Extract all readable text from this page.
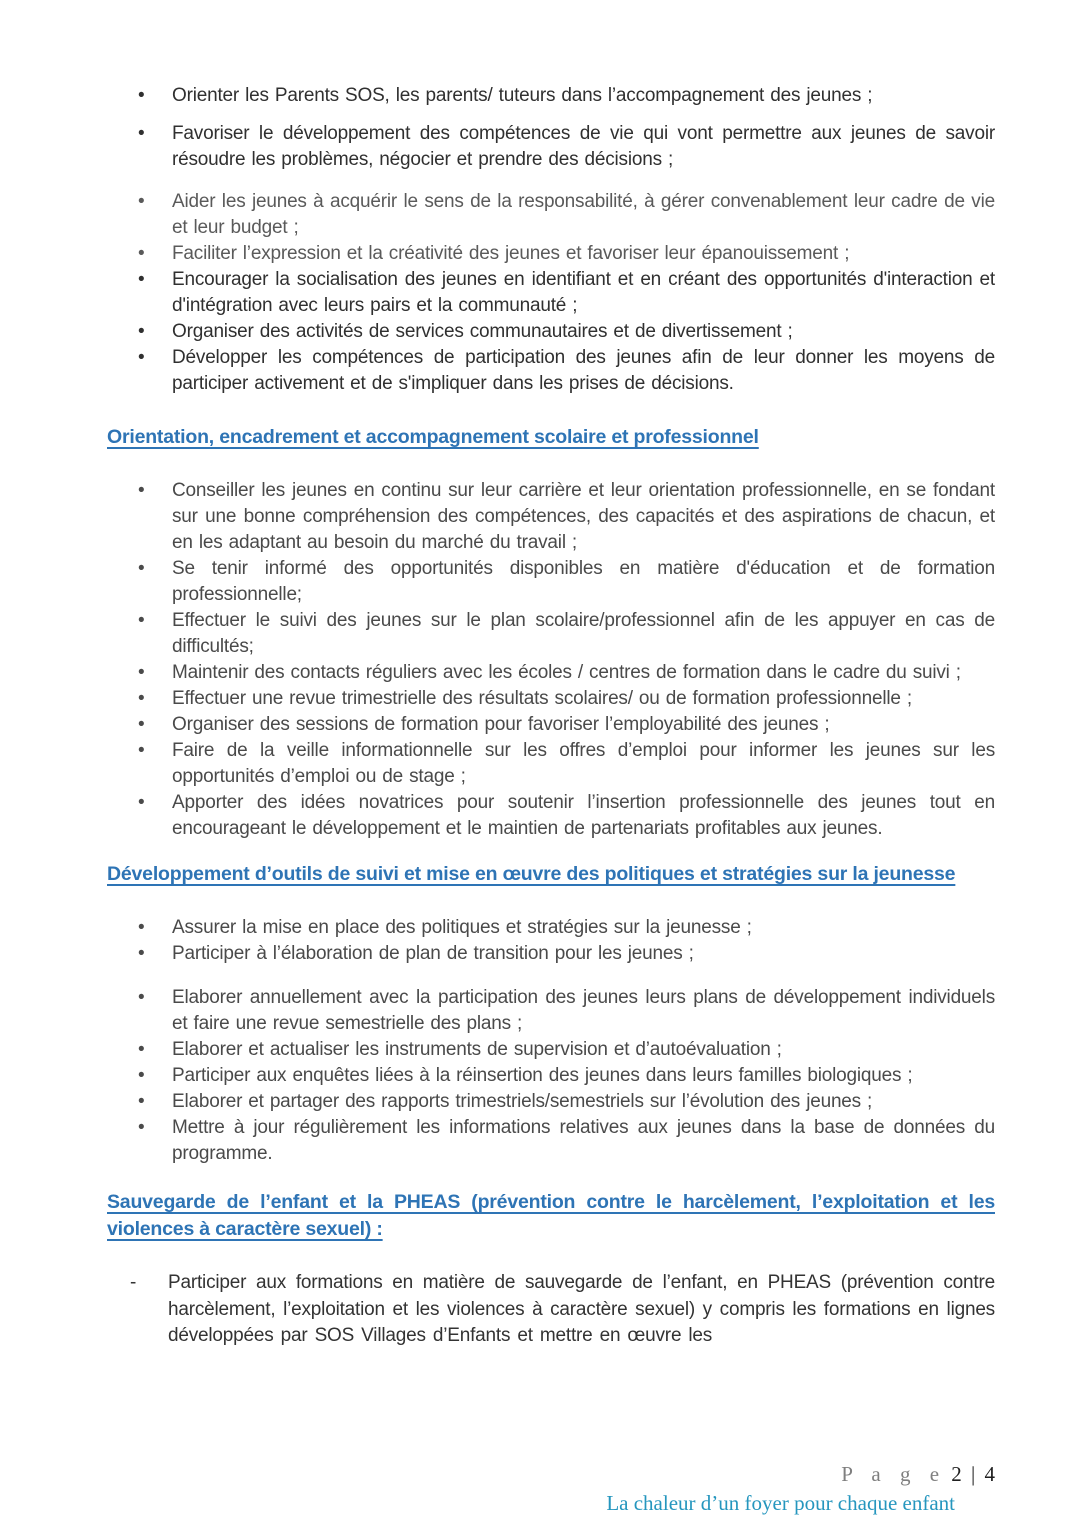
• Orienter les Parents SOS, les parents/ tuteurs dans l’accompagnement des jeunes ;
• Favoriser le développement des compétences de vie qui vont permettre aux jeunes de savoir résoudre les problèmes, négocier et prendre des décisions ;
• Aider les jeunes à acquérir le sens de la responsabilité, à gérer convenablement leur cadre de vie et leur budget ;
• Faciliter l’expression et la créativité des jeunes et favoriser leur épanouissement ;
• Encourager la socialisation des jeunes en identifiant et en créant des opportunités d'interaction et d'intégration avec leurs pairs et la communauté ;
• Organiser des activités de services communautaires et de divertissement ;
• Développer les compétences de participation des jeunes afin de leur donner les moyens de participer activement et de s'impliquer dans les prises de décisions.
Orientation, encadrement et accompagnement scolaire et professionnel
• Conseiller les jeunes en continu sur leur carrière et leur orientation professionnelle, en se fondant sur une bonne compréhension des compétences, des capacités et des aspirations de chacun, et en les adaptant au besoin du marché du travail ;
• Se tenir informé des opportunités disponibles en matière d'éducation et de formation professionnelle;
• Effectuer le suivi des jeunes sur le plan scolaire/professionnel afin de les appuyer en cas de difficultés;
• Maintenir des contacts réguliers avec les écoles / centres de formation dans le cadre du suivi ;
• Effectuer une revue trimestrielle des résultats scolaires/ ou de formation professionnelle ;
• Organiser des sessions de formation pour favoriser l’employabilité des jeunes ;
• Faire de la veille informationnelle sur les offres d’emploi pour informer les jeunes sur les opportunités d’emploi ou de stage ;
• Apporter des idées novatrices pour soutenir l’insertion professionnelle des jeunes tout en encourageant le développement et le maintien de partenariats profitables aux jeunes.
Développement d’outils de suivi et mise en œuvre des politiques et stratégies sur la jeunesse
• Assurer la mise en place des politiques et stratégies sur la jeunesse ;
• Participer à l’élaboration de plan de transition pour les jeunes ;
• Elaborer annuellement avec la participation des jeunes leurs plans de développement individuels et faire une revue semestrielle des plans ;
• Elaborer et actualiser les instruments de supervision et d’autoévaluation ;
• Participer aux enquêtes liées à la réinsertion des jeunes dans leurs familles biologiques ;
• Elaborer et partager des rapports trimestriels/semestriels sur l’évolution des jeunes ;
• Mettre à jour régulièrement les informations relatives aux jeunes dans la base de données du programme.
Sauvegarde de l’enfant et la PHEAS (prévention contre le harcèlement, l’exploitation et les violences à caractère sexuel) :
- Participer aux formations en matière de sauvegarde de l’enfant, en PHEAS (prévention contre harcèlement, l’exploitation et les violences à caractère sexuel) y compris les formations en lignes développées par SOS Villages d’Enfants et mettre en œuvre les
P a g e 2 | 4
La chaleur d’un foyer pour chaque enfant
